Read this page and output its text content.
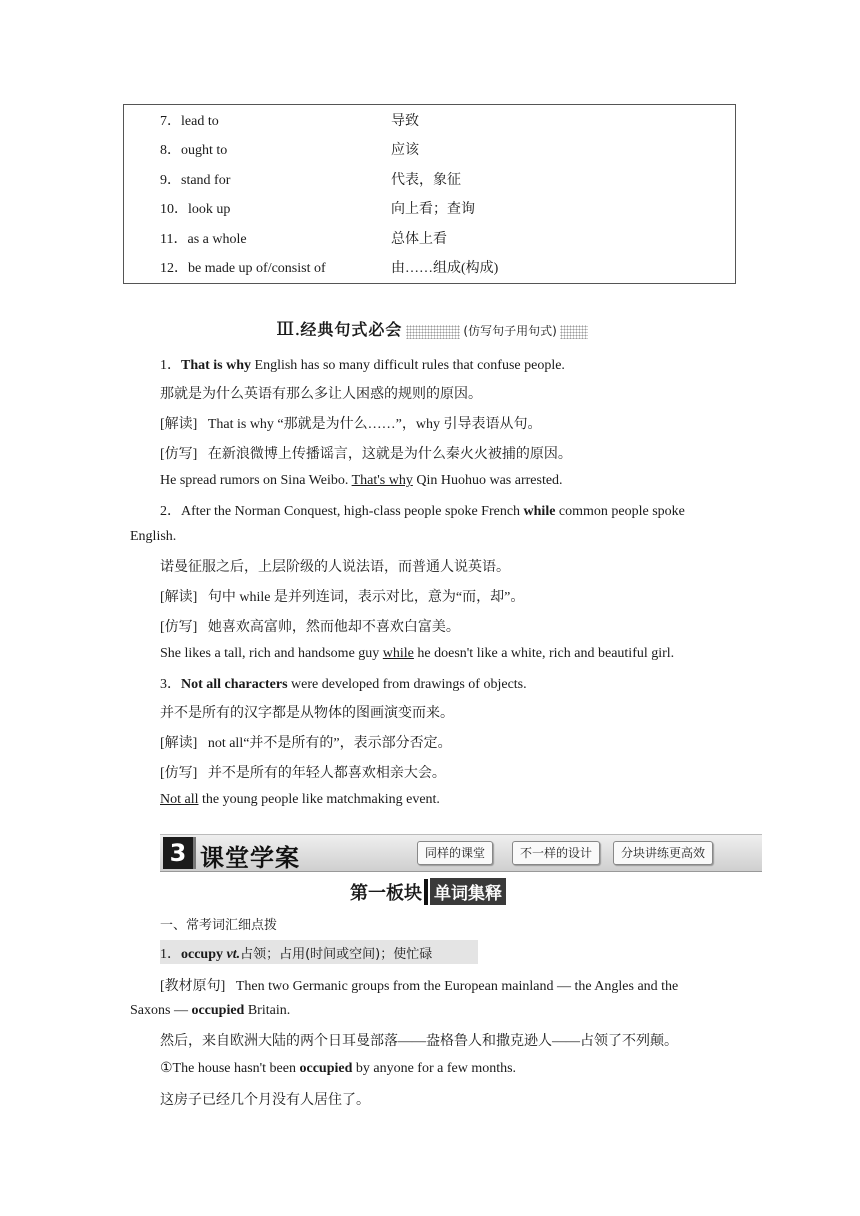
7．lead to	导致
8．ought to	应该
9．stand for	代表，象征
10．look up	向上看；查询
11．as a whole	总体上看
12．be made up of/consist of	由……组成(构成)
Ⅲ.经典句式必会	(仿写句子用句式)
1．That is why English has so many difficult rules that confuse people.
那就是为什么英语有那么多让人困惑的规则的原因。
[解读] That is why “那就是为什么……”，why 引导表语从句。
[仿写] 在新浪微博上传播谣言，这就是为什么秦火火被捕的原因。
He spread rumors on Sina Weibo. That's why Qin Huohuo was arrested.
2．After the Norman Conquest, high-class people spoke French while common people spoke
English.
诺曼征服之后，上层阶级的人说法语，而普通人说英语。
[解读] 句中 while 是并列连词，表示对比，意为“而，却”。
[仿写] 她喜欢高富帅，然而他却不喜欢白富美。
She likes a tall, rich and handsome guy while he doesn't like a white, rich and beautiful girl.
3．Not all characters were developed from drawings of objects.
并不是所有的汉字都是从物体的图画演变而来。
[解读] not all“并不是所有的”，表示部分否定。
[仿写] 并不是所有的年轻人都喜欢相亲大会。
Not all the young people like matchmaking event.
3 课堂学案	同样的课堂	不一样的设计	分块讲练更高效
第一板块 单词集释
一、常考词汇细点拨
1．occupy vt.占领；占用(时间或空间)；使忙碌
[教材原句] Then two Germanic groups from the European mainland — the Angles and the
Saxons — occupied Britain.
然后，来自欧洲大陆的两个日耳曼部落——盎格鲁人和撒克逊人——占领了不列颠。
①The house hasn't been occupied by anyone for a few months.
这房子已经几个月没有人居住了。
